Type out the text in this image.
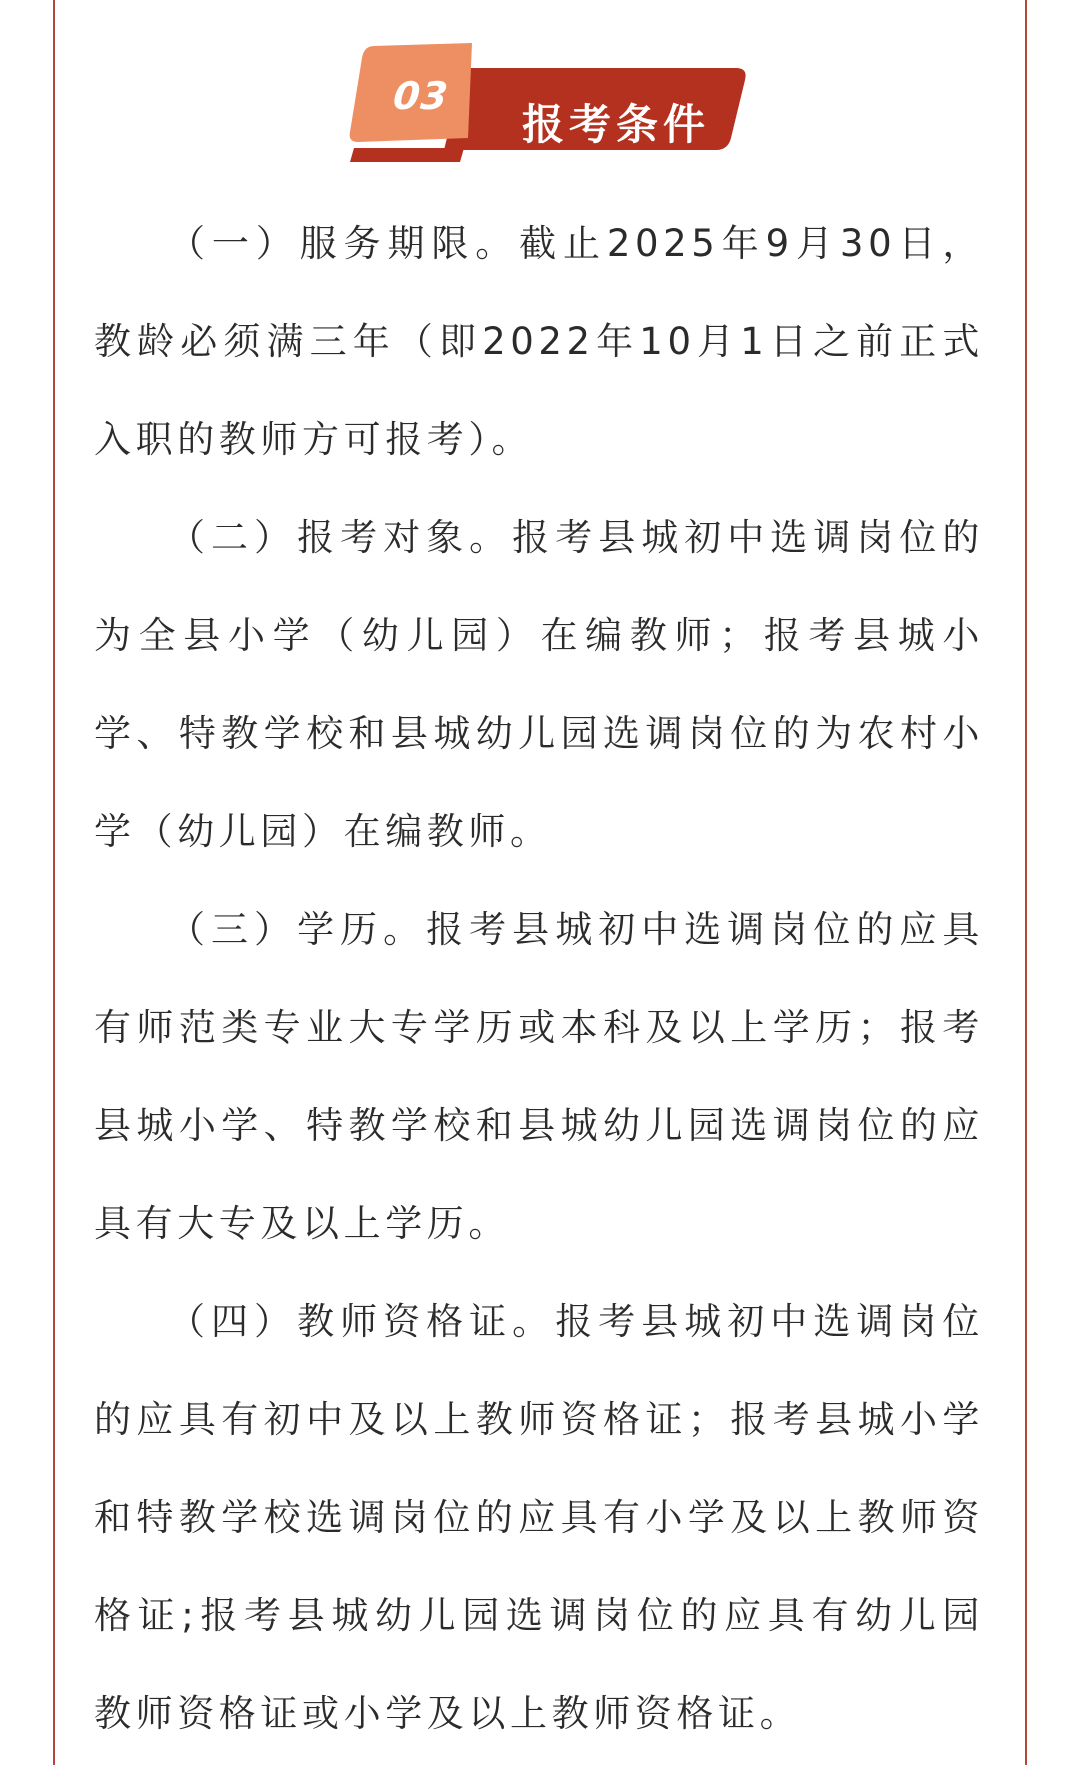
03
报考条件

（一）服务期限。截止2025年9月30日，教龄必须满三年（即2022年10月1日之前正式入职的教师方可报考）。

（二）报考对象。报考县城初中选调岗位的为全县小学（幼儿园）在编教师；报考县城小学、特教学校和县城幼儿园选调岗位的为农村小学（幼儿园）在编教师。

（三）学历。报考县城初中选调岗位的应具有师范类专业大专学历或本科及以上学历；报考县城小学、特教学校和县城幼儿园选调岗位的应具有大专及以上学历。

（四）教师资格证。报考县城初中选调岗位的应具有初中及以上教师资格证；报考县城小学和特教学校选调岗位的应具有小学及以上教师资格证;报考县城幼儿园选调岗位的应具有幼儿园教师资格证或小学及以上教师资格证。
